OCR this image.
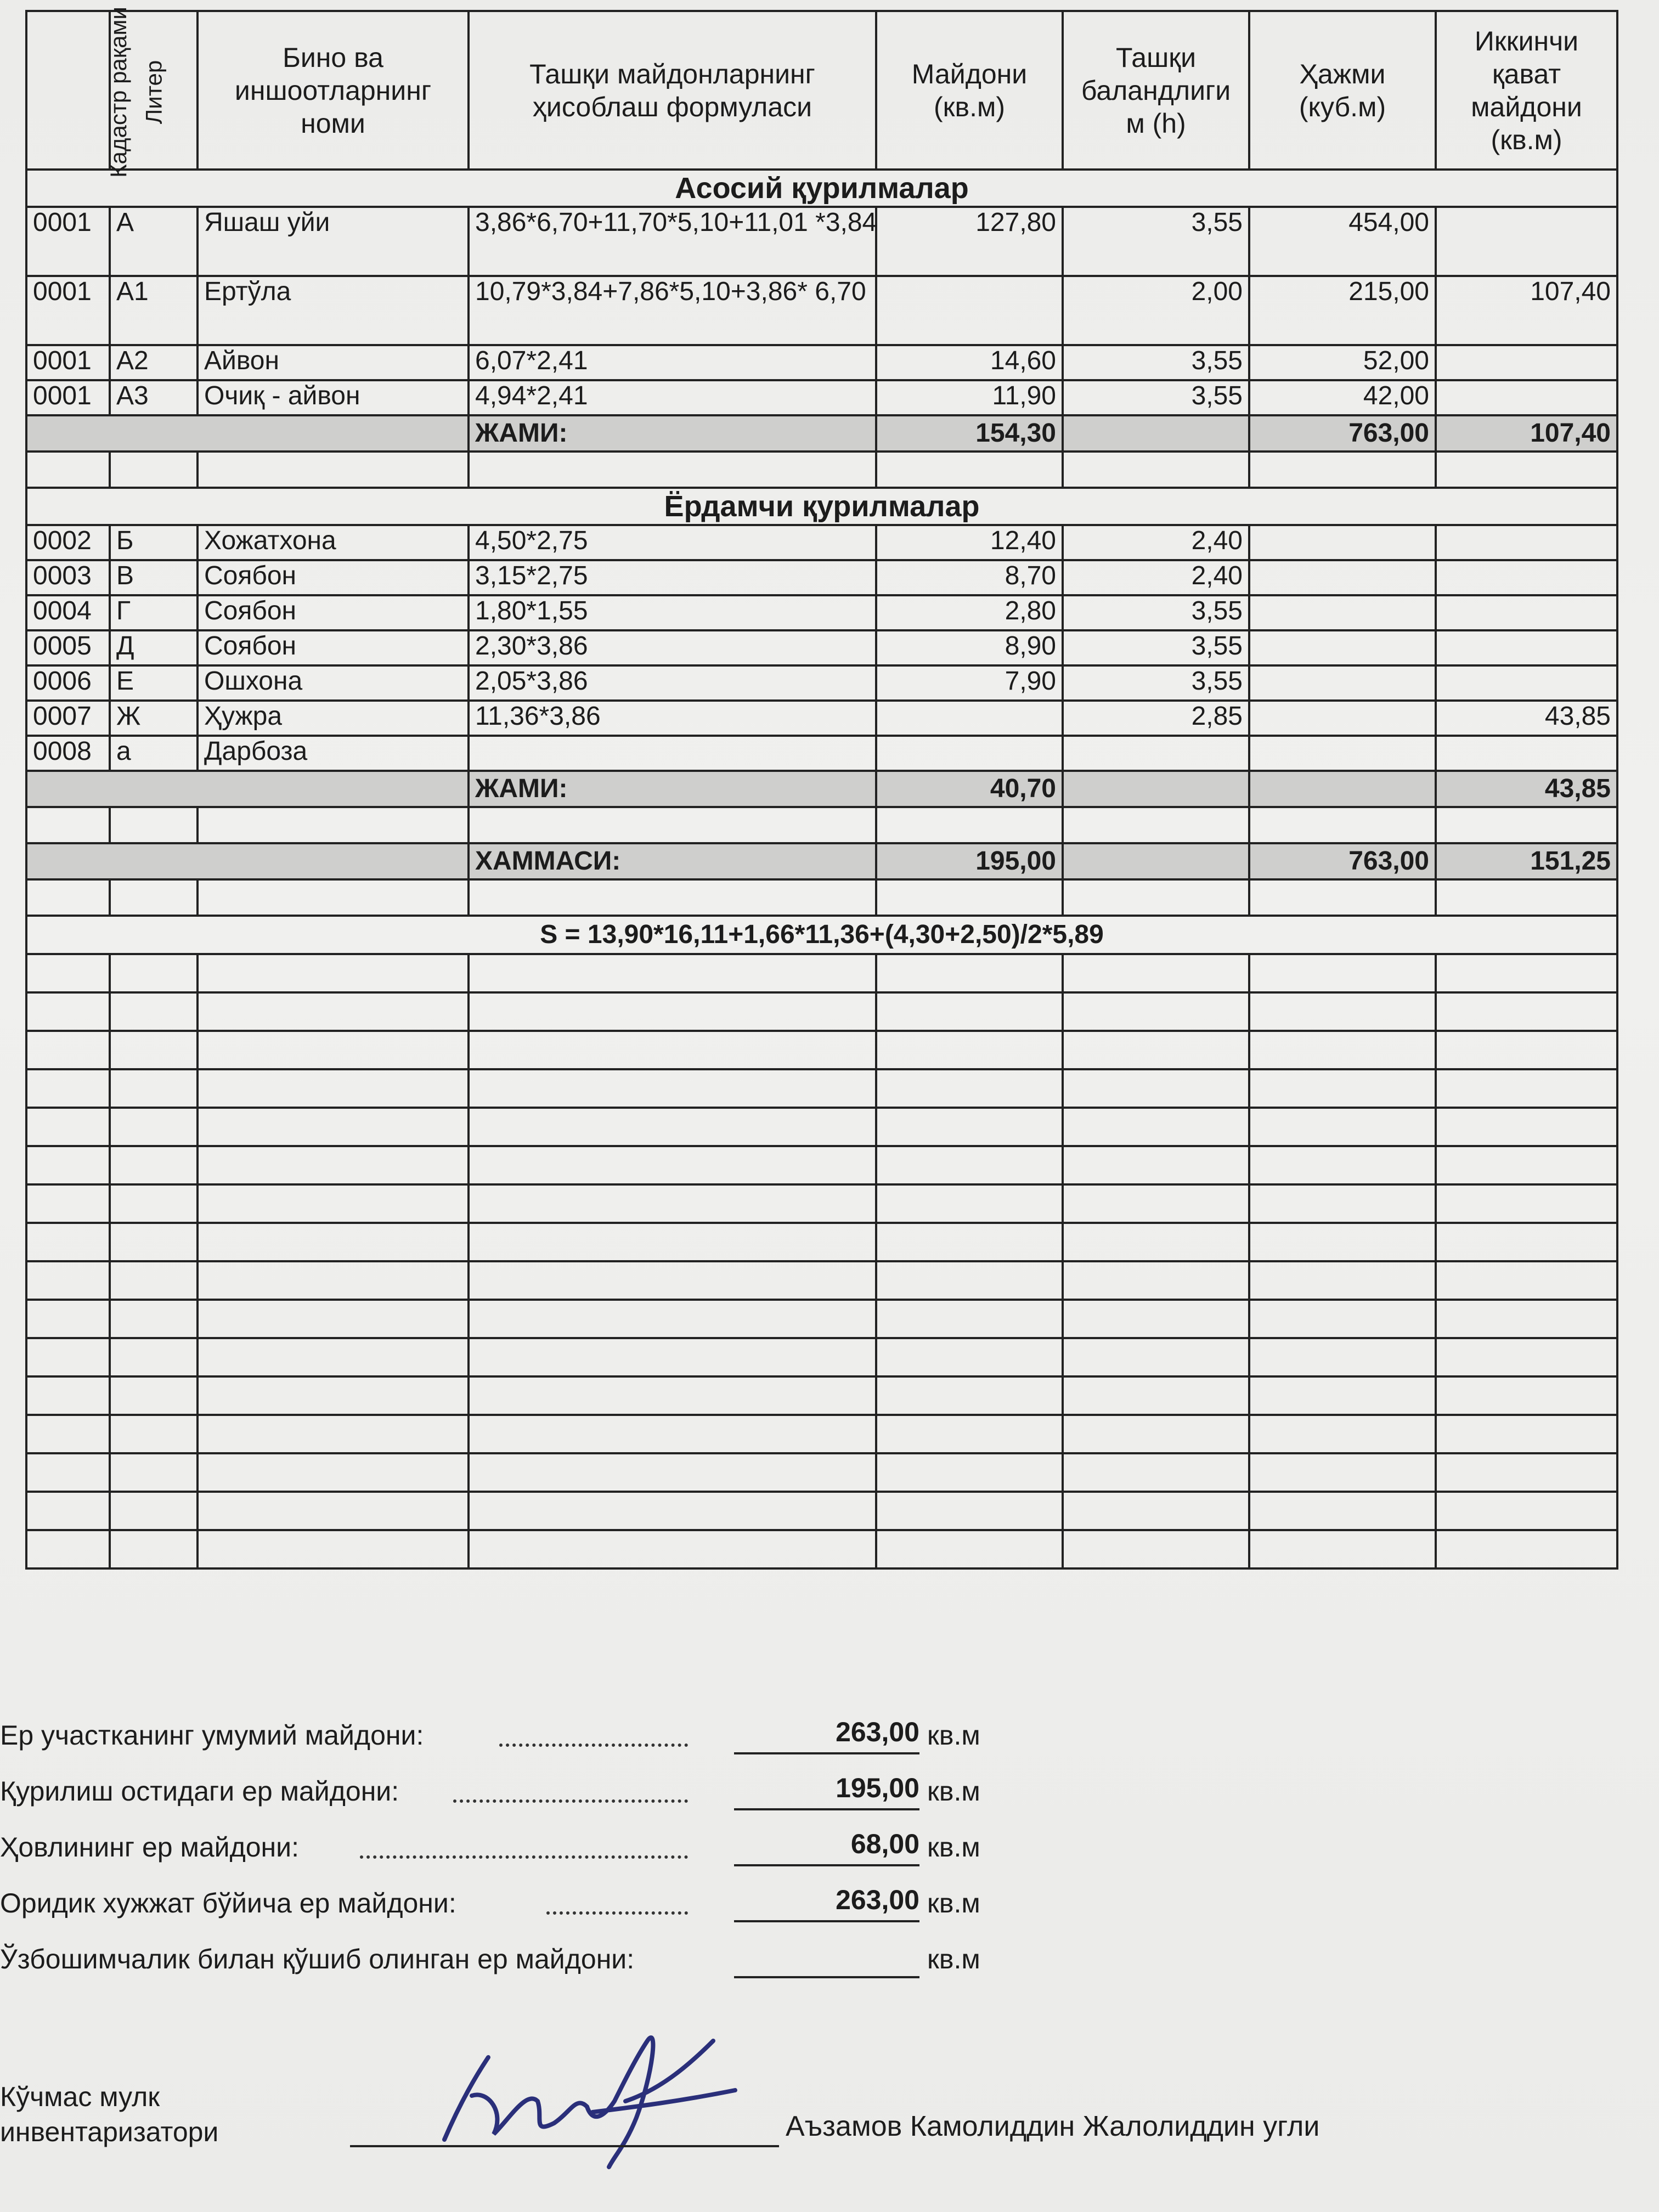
Кадастр рақами	Литер	Бино ва иншоотларнинг номи	Ташқи майдонларнинг ҳисоблаш формуласи	Майдони (кв.м)	Ташқи баландлиги м (h)	Ҳажми (куб.м)	Иккинчи қават майдони (кв.м)
Асосий қурилмалар							
0001	А	Яшаш уйи	3,86*6,70+11,70*5,10+11,01 *3,84	127,80	3,55	454,00	
0001	А1	Ертўла	10,79*3,84+7,86*5,10+3,86* 6,70		2,00	215,00	107,40
0001	А2	Айвон	6,07*2,41	14,60	3,55	52,00	
0001	А3	Очиқ - айвон	4,94*2,41	11,90	3,55	42,00	
			ЖАМИ:	154,30		763,00	107,40

Ёрдамчи қурилмалар							
0002	Б	Хожатхона	4,50*2,75	12,40	2,40		
0003	В	Соябон	3,15*2,75	8,70	2,40		
0004	Г	Соябон	1,80*1,55	2,80	3,55		
0005	Д	Соябон	2,30*3,86	8,90	3,55		
0006	Е	Ошхона	2,05*3,86	7,90	3,55		
0007	Ж	Ҳужра	11,36*3,86		2,85		43,85
0008	а	Дарбоза					
			ЖАМИ:	40,70			43,85

			ХАММАСИ:	195,00		763,00	151,25

S = 13,90*16,11+1,66*11,36+(4,30+2,50)/2*5,89							

Ер участканинг умумий майдони:	263,00 кв.м
Қурилиш остидаги ер майдони:	195,00 кв.м
Ҳовлининг ер майдони:	68,00 кв.м
Оридик хужжат бўйича ер майдони:	263,00 кв.м
Ўзбошимчалик билан қўшиб олинган ер майдони:	кв.м
Кўчмас мулк
инвентаризатори	Аъзамов Камолиддин Жалолиддин угли
